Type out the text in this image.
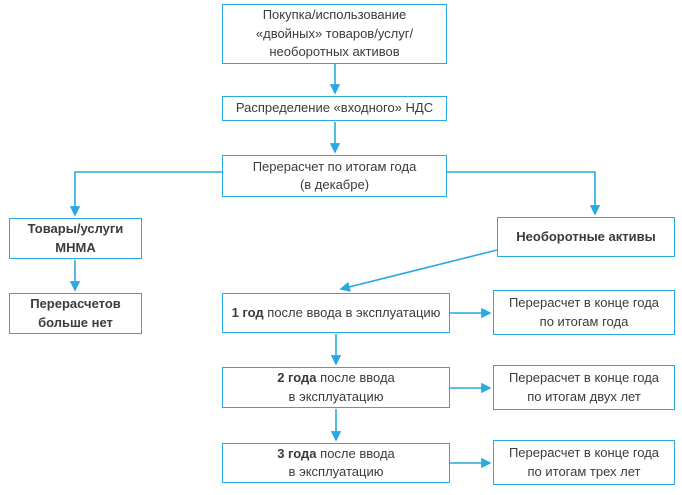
Покупка/использование
«двойных» товаров/услуг/
необоротных активов
Распределение «входного» НДС
Перерасчет по итогам года
(в декабре)
Товары/услуги
МНМА
Перерасчетов
больше нет
Необоротные активы
1 год после ввода в эксплуатацию
Перерасчет в конце года
по итогам года
2 года после ввода
в эксплуатацию
Перерасчет в конце года
по итогам двух лет
3 года после ввода
в эксплуатацию
Перерасчет в конце года
по итогам трех лет
